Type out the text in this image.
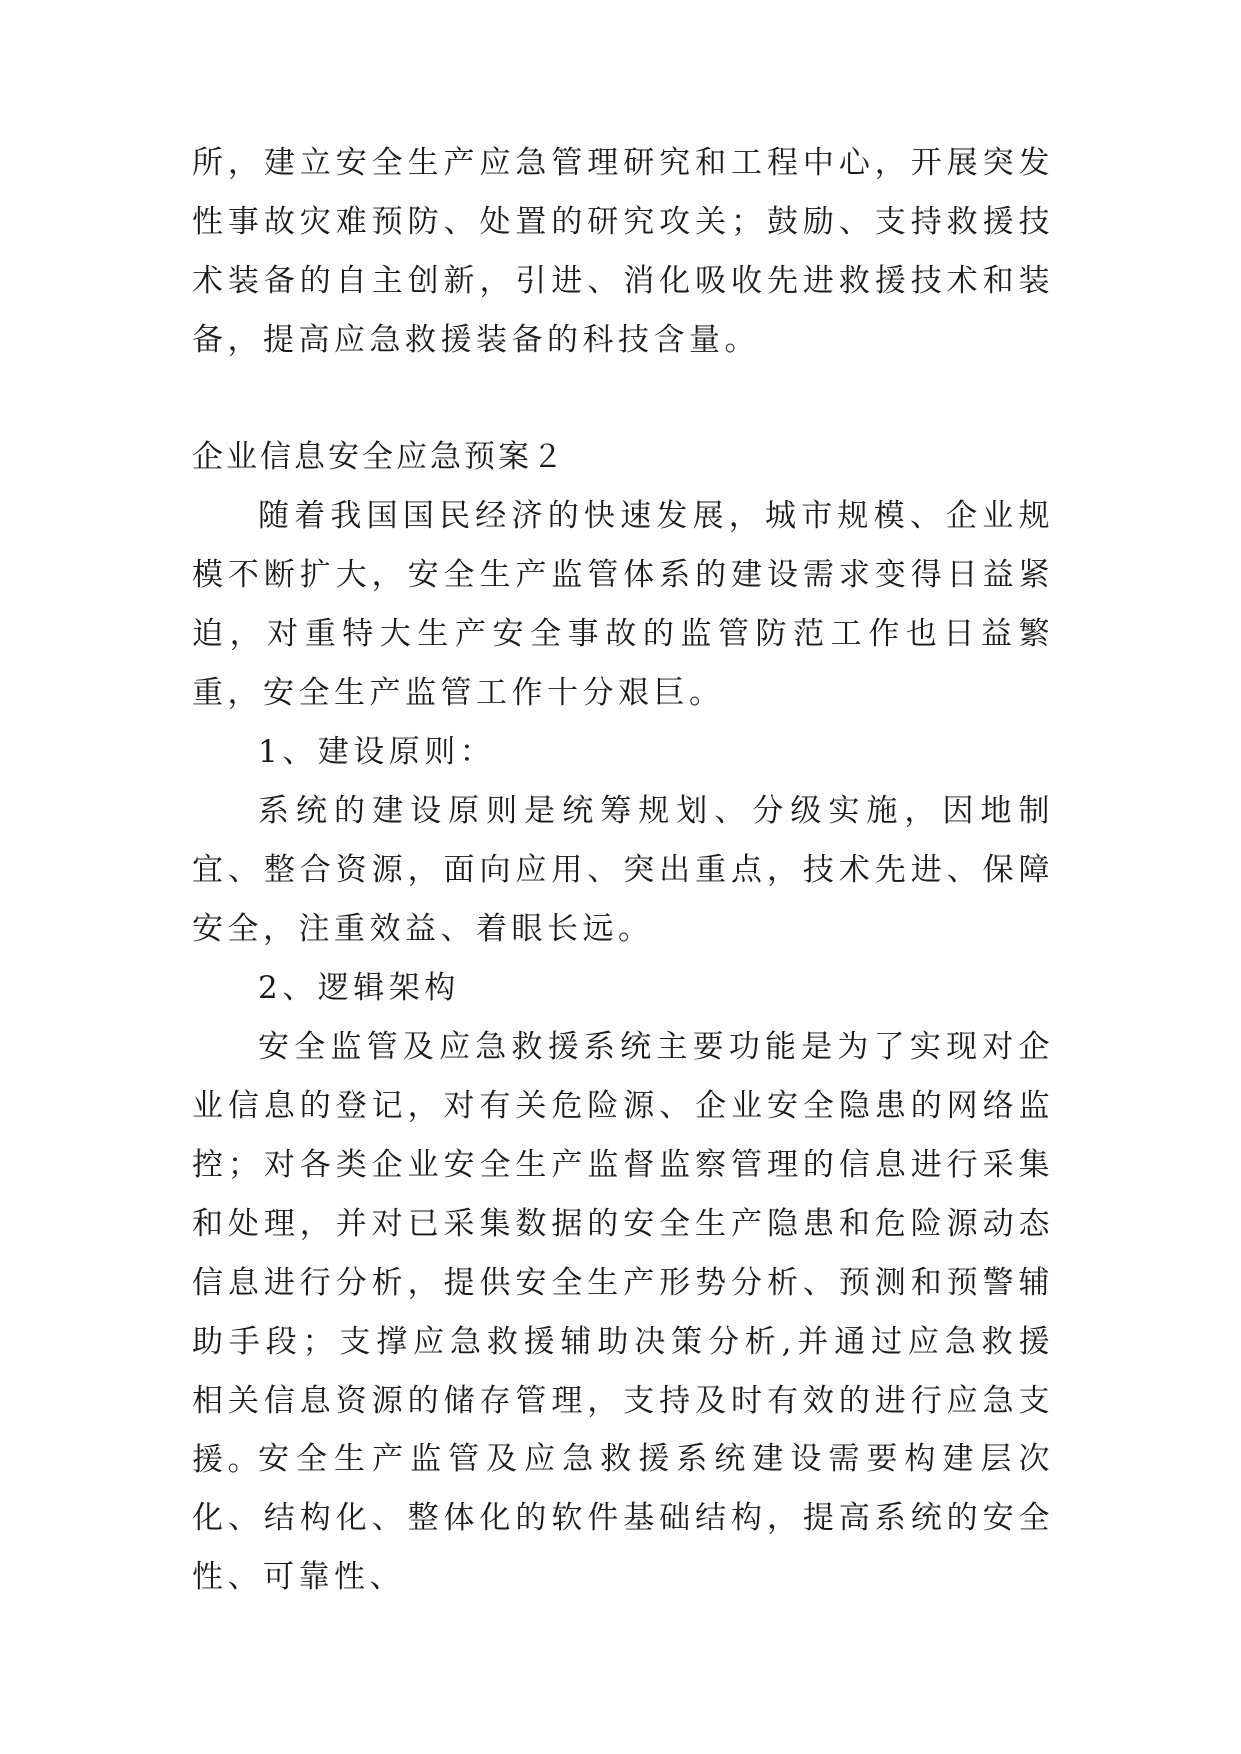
所，建立安全生产应急管理研究和工程中心，开展突发性事故灾难预防、处置的研究攻关；鼓励、支持救援技术装备的自主创新，引进、消化吸收先进救援技术和装备，提高应急救援装备的科技含量。
企业信息安全应急预案２
随着我国国民经济的快速发展，城市规模、企业规模不断扩大，安全生产监管体系的建设需求变得日益紧迫，对重特大生产安全事故的监管防范工作也日益繁重，安全生产监管工作十分艰巨。
1、建设原则：
系统的建设原则是统筹规划、分级实施，因地制宜、整合资源，面向应用、突出重点，技术先进、保障安全，注重效益、着眼长远。
2、逻辑架构
安全监管及应急救援系统主要功能是为了实现对企业信息的登记，对有关危险源、企业安全隐患的网络监控；对各类企业安全生产监督监察管理的信息进行采集和处理，并对已采集数据的安全生产隐患和危险源动态信息进行分析，提供安全生产形势分析、预测和预警辅助手段；支撑应急救援辅助决策分析,并通过应急救援相关信息资源的储存管理，支持及时有效的进行应急支援。
安全生产监管及应急救援系统建设需要构建层次化、结构化、整体化的软件基础结构，提高系统的安全性、可靠性、
